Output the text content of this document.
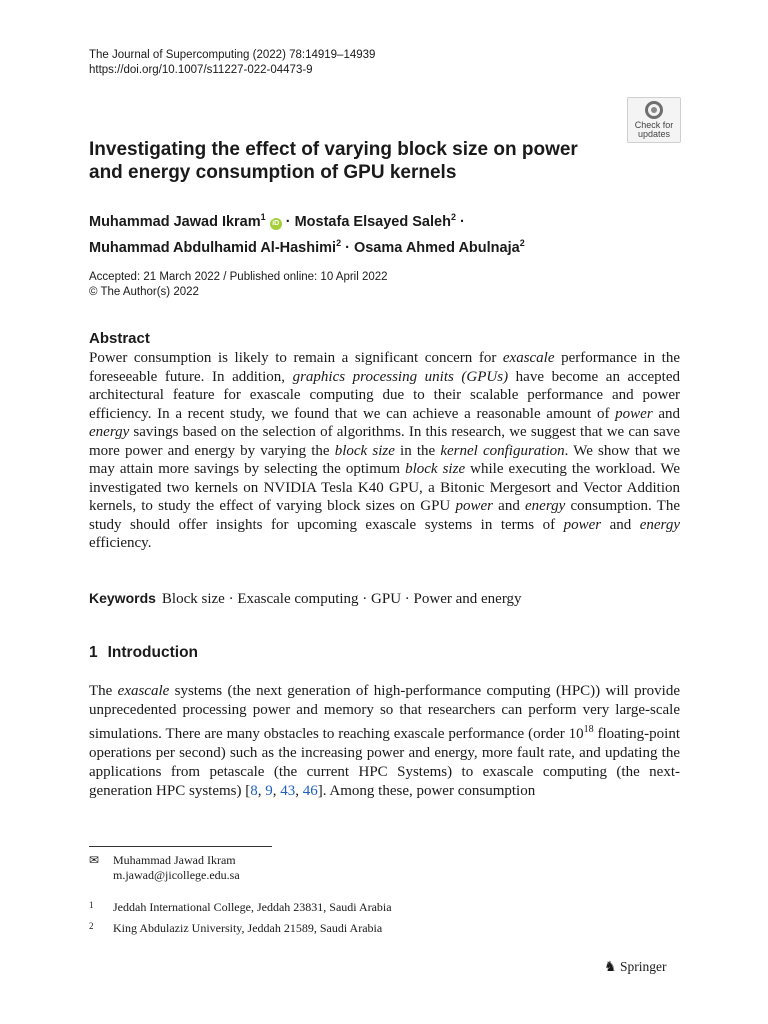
The Journal of Supercomputing (2022) 78:14919–14939
https://doi.org/10.1007/s11227-022-04473-9
Check for
updates
Investigating the effect of varying block size on power and energy consumption of GPU kernels
Muhammad Jawad Ikram$^1$ iD · Mostafa Elsayed Saleh$^2$ ·
Muhammad Abdulhamid Al-Hashimi$^2$ · Osama Ahmed Abulnaja$^2$
Accepted: 21 March 2022 / Published online: 10 April 2022
© The Author(s) 2022
Abstract
Power consumption is likely to remain a significant concern for exascale performance in the foreseeable future. In addition, graphics processing units (GPUs) have become an accepted architectural feature for exascale computing due to their scalable performance and power efficiency. In a recent study, we found that we can achieve a reasonable amount of power and energy savings based on the selection of algorithms. In this research, we suggest that we can save more power and energy by varying the block size in the kernel configuration. We show that we may attain more savings by selecting the optimum block size while executing the workload. We investigated two kernels on NVIDIA Tesla K40 GPU, a Bitonic Mergesort and Vector Addition kernels, to study the effect of varying block sizes on GPU power and energy consumption. The study should offer insights for upcoming exascale systems in terms of power and energy efficiency.
Keywords Block size · Exascale computing · GPU · Power and energy
1 Introduction
The exascale systems (the next generation of high-performance computing (HPC)) will provide unprecedented processing power and memory so that researchers can perform very large-scale simulations. There are many obstacles to reaching exascale performance (order $10^{18}$ floating-point operations per second) such as the increasing power and energy, more fault rate, and updating the applications from petascale (the current HPC Systems) to exascale computing (the next-generation HPC systems) [8, 9, 43, 46]. Among these, power consumption
✉ Muhammad Jawad Ikram
m.jawad@jicollege.edu.sa
1 Jeddah International College, Jeddah 23831, Saudi Arabia
2 King Abdulaziz University, Jeddah 21589, Saudi Arabia
♞ Springer
